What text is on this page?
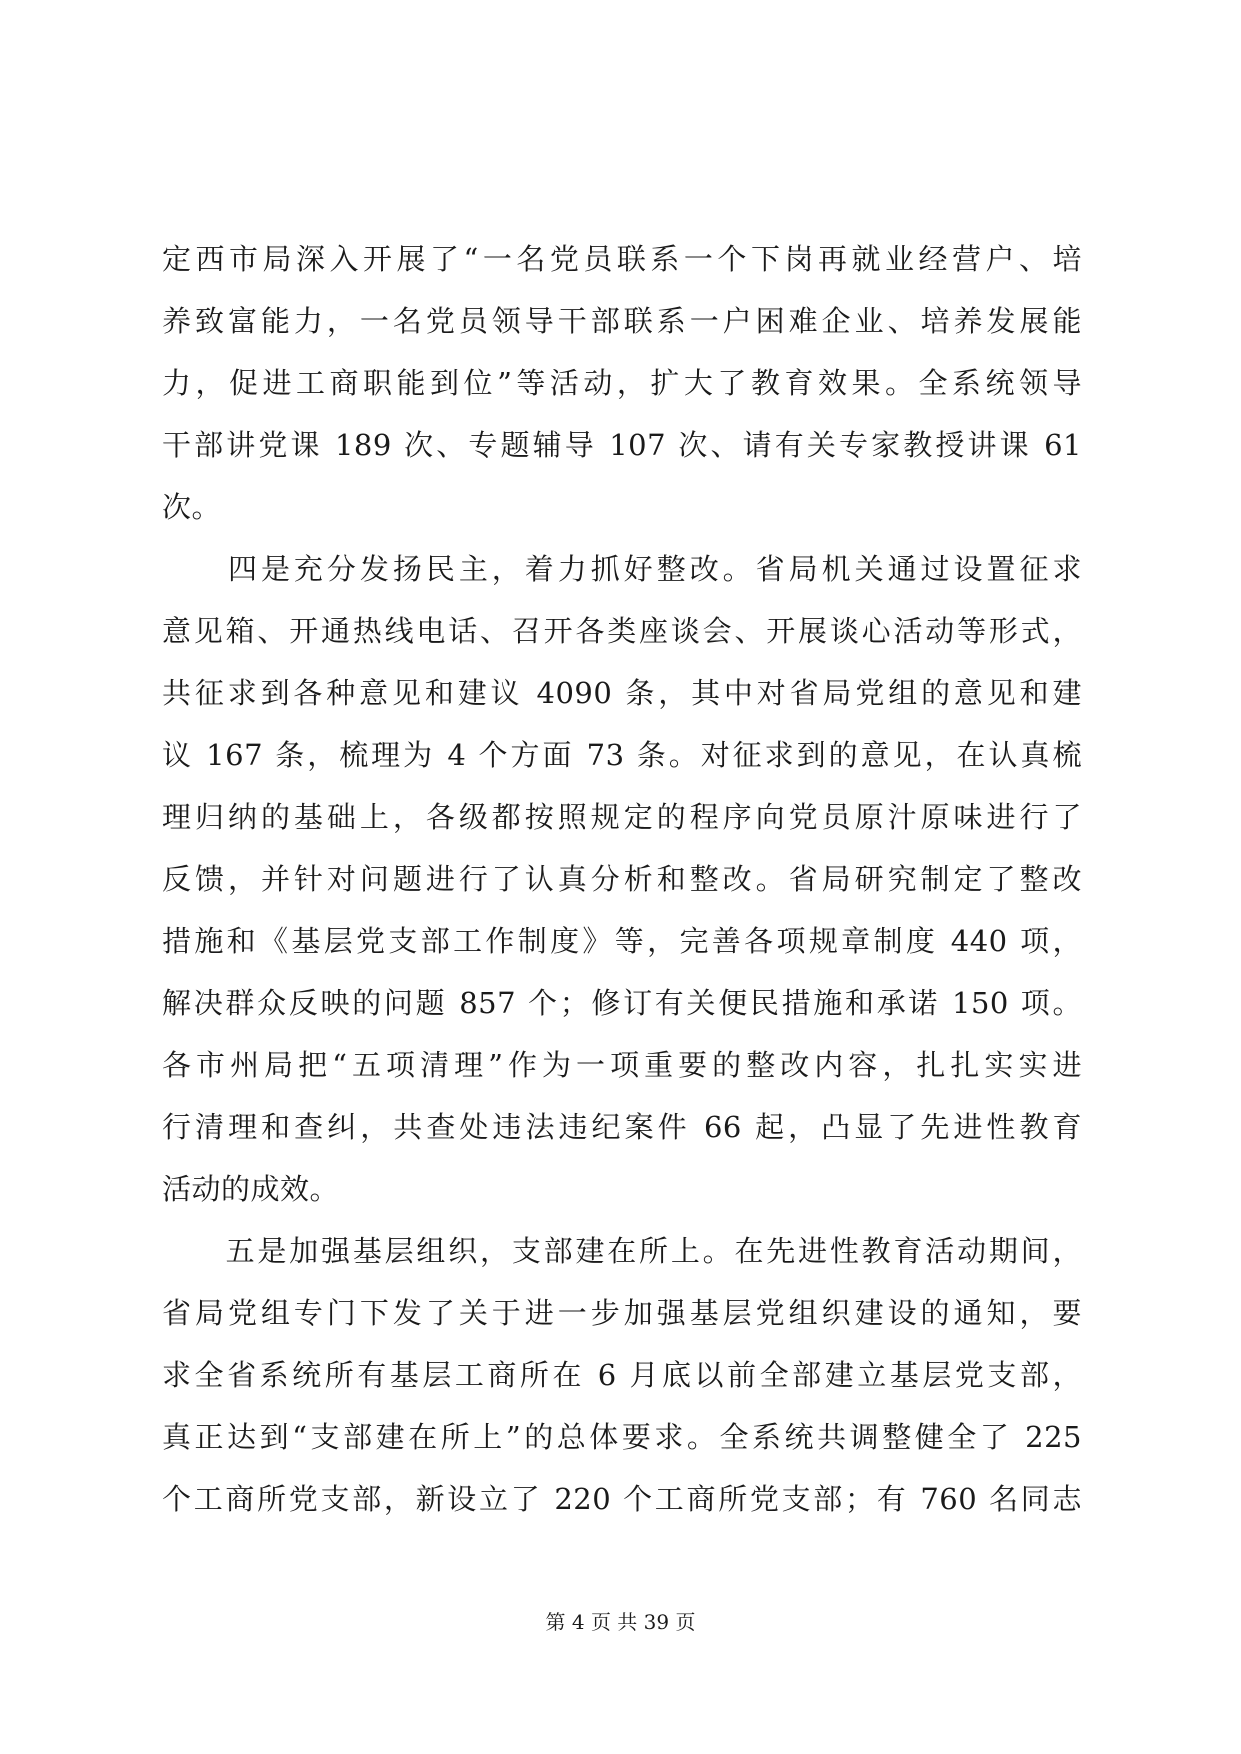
定西市局深入开展了“一名党员联系一个下岗再就业经营户、培
养致富能力，一名党员领导干部联系一户困难企业、培养发展能
力，促进工商职能到位”等活动，扩大了教育效果。全系统领导
干部讲党课 189 次、专题辅导 107 次、请有关专家教授讲课 61
次。
　　四是充分发扬民主，着力抓好整改。省局机关通过设置征求
意见箱、开通热线电话、召开各类座谈会、开展谈心活动等形式，
共征求到各种意见和建议 4090 条，其中对省局党组的意见和建
议 167 条，梳理为 4 个方面 73 条。对征求到的意见，在认真梳
理归纳的基础上，各级都按照规定的程序向党员原汁原味进行了
反馈，并针对问题进行了认真分析和整改。省局研究制定了整改
措施和《基层党支部工作制度》等，完善各项规章制度 440 项，
解决群众反映的问题 857 个；修订有关便民措施和承诺 150 项。
各市州局把“五项清理”作为一项重要的整改内容，扎扎实实进
行清理和查纠，共查处违法违纪案件 66 起，凸显了先进性教育
活动的成效。
　　五是加强基层组织，支部建在所上。在先进性教育活动期间，
省局党组专门下发了关于进一步加强基层党组织建设的通知，要
求全省系统所有基层工商所在 6 月底以前全部建立基层党支部，
真正达到“支部建在所上”的总体要求。全系统共调整健全了 225
个工商所党支部，新设立了 220 个工商所党支部；有 760 名同志
第 4 页 共 39 页
